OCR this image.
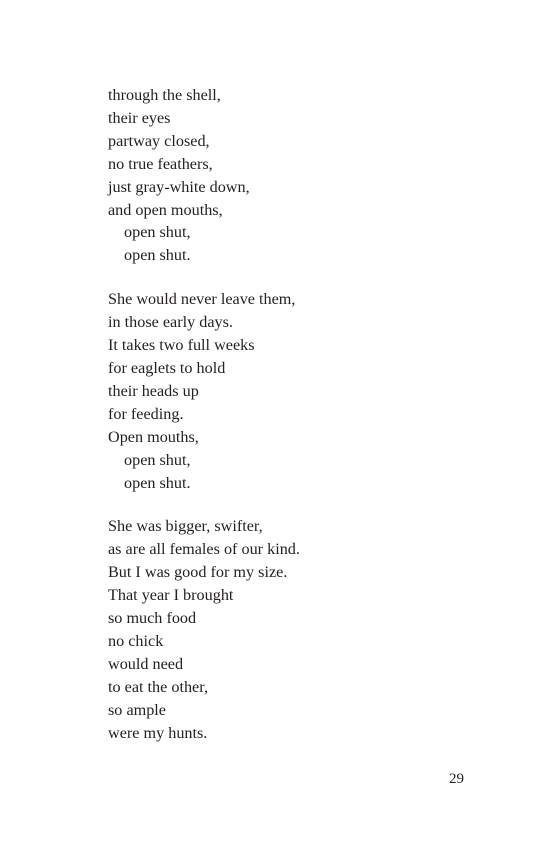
through the shell,
their eyes
partway closed,
no true feathers,
just gray-white down,
and open mouths,
open shut,
open shut.
She would never leave them,
in those early days.
It takes two full weeks
for eaglets to hold
their heads up
for feeding.
Open mouths,
open shut,
open shut.
She was bigger, swifter,
as are all females of our kind.
But I was good for my size.
That year I brought
so much food
no chick
would need
to eat the other,
so ample
were my hunts.
29
